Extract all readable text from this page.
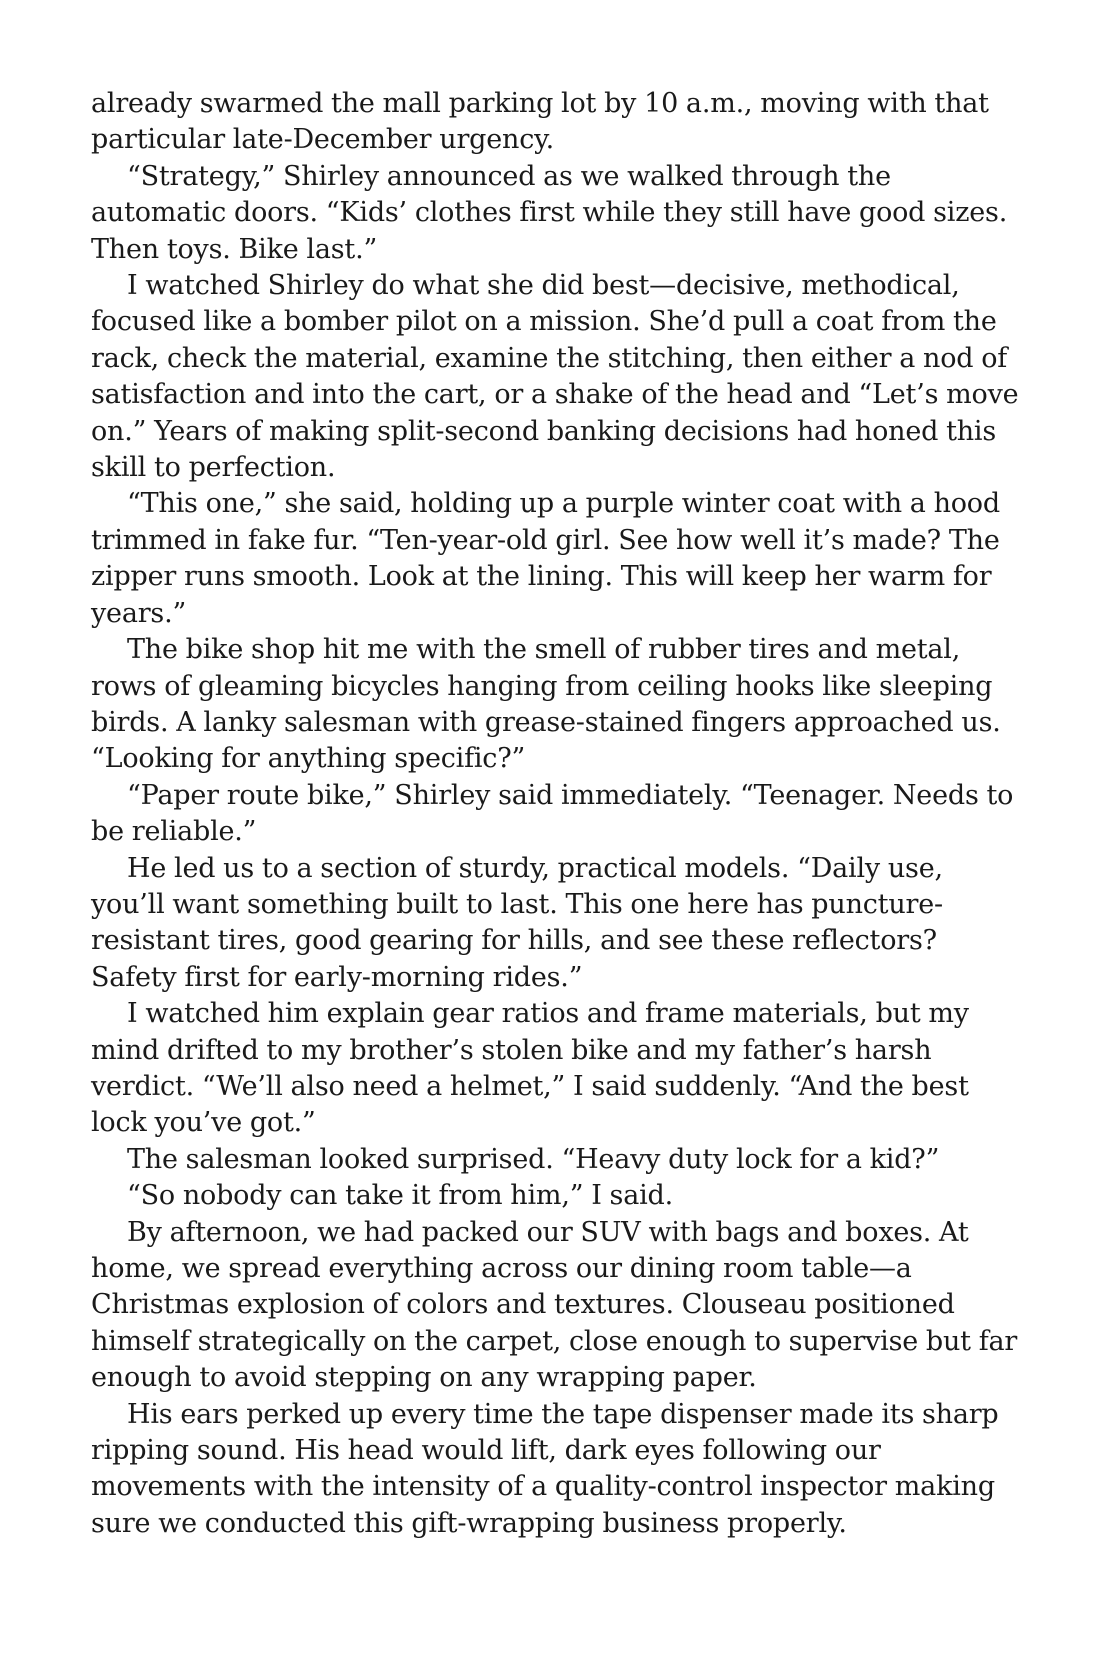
already swarmed the mall parking lot by 10 a.m., moving with that particular late-December urgency.

“Strategy,” Shirley announced as we walked through the automatic doors. “Kids’ clothes first while they still have good sizes. Then toys. Bike last.”

I watched Shirley do what she did best—decisive, methodical, focused like a bomber pilot on a mission. She’d pull a coat from the rack, check the material, examine the stitching, then either a nod of satisfaction and into the cart, or a shake of the head and “Let’s move on.” Years of making split-second banking decisions had honed this skill to perfection.

“This one,” she said, holding up a purple winter coat with a hood trimmed in fake fur. “Ten-year-old girl. See how well it’s made? The zipper runs smooth. Look at the lining. This will keep her warm for years.”

The bike shop hit me with the smell of rubber tires and metal, rows of gleaming bicycles hanging from ceiling hooks like sleeping birds. A lanky salesman with grease-stained fingers approached us. “Looking for anything specific?”

“Paper route bike,” Shirley said immediately. “Teenager. Needs to be reliable.”

He led us to a section of sturdy, practical models. “Daily use, you’ll want something built to last. This one here has puncture-resistant tires, good gearing for hills, and see these reflectors? Safety first for early-morning rides.”

I watched him explain gear ratios and frame materials, but my mind drifted to my brother’s stolen bike and my father’s harsh verdict. “We’ll also need a helmet,” I said suddenly. “And the best lock you’ve got.”

The salesman looked surprised. “Heavy duty lock for a kid?”

“So nobody can take it from him,” I said.

By afternoon, we had packed our SUV with bags and boxes. At home, we spread everything across our dining room table—a Christmas explosion of colors and textures. Clouseau positioned himself strategically on the carpet, close enough to supervise but far enough to avoid stepping on any wrapping paper.

His ears perked up every time the tape dispenser made its sharp ripping sound. His head would lift, dark eyes following our movements with the intensity of a quality-control inspector making sure we conducted this gift-wrapping business properly.
